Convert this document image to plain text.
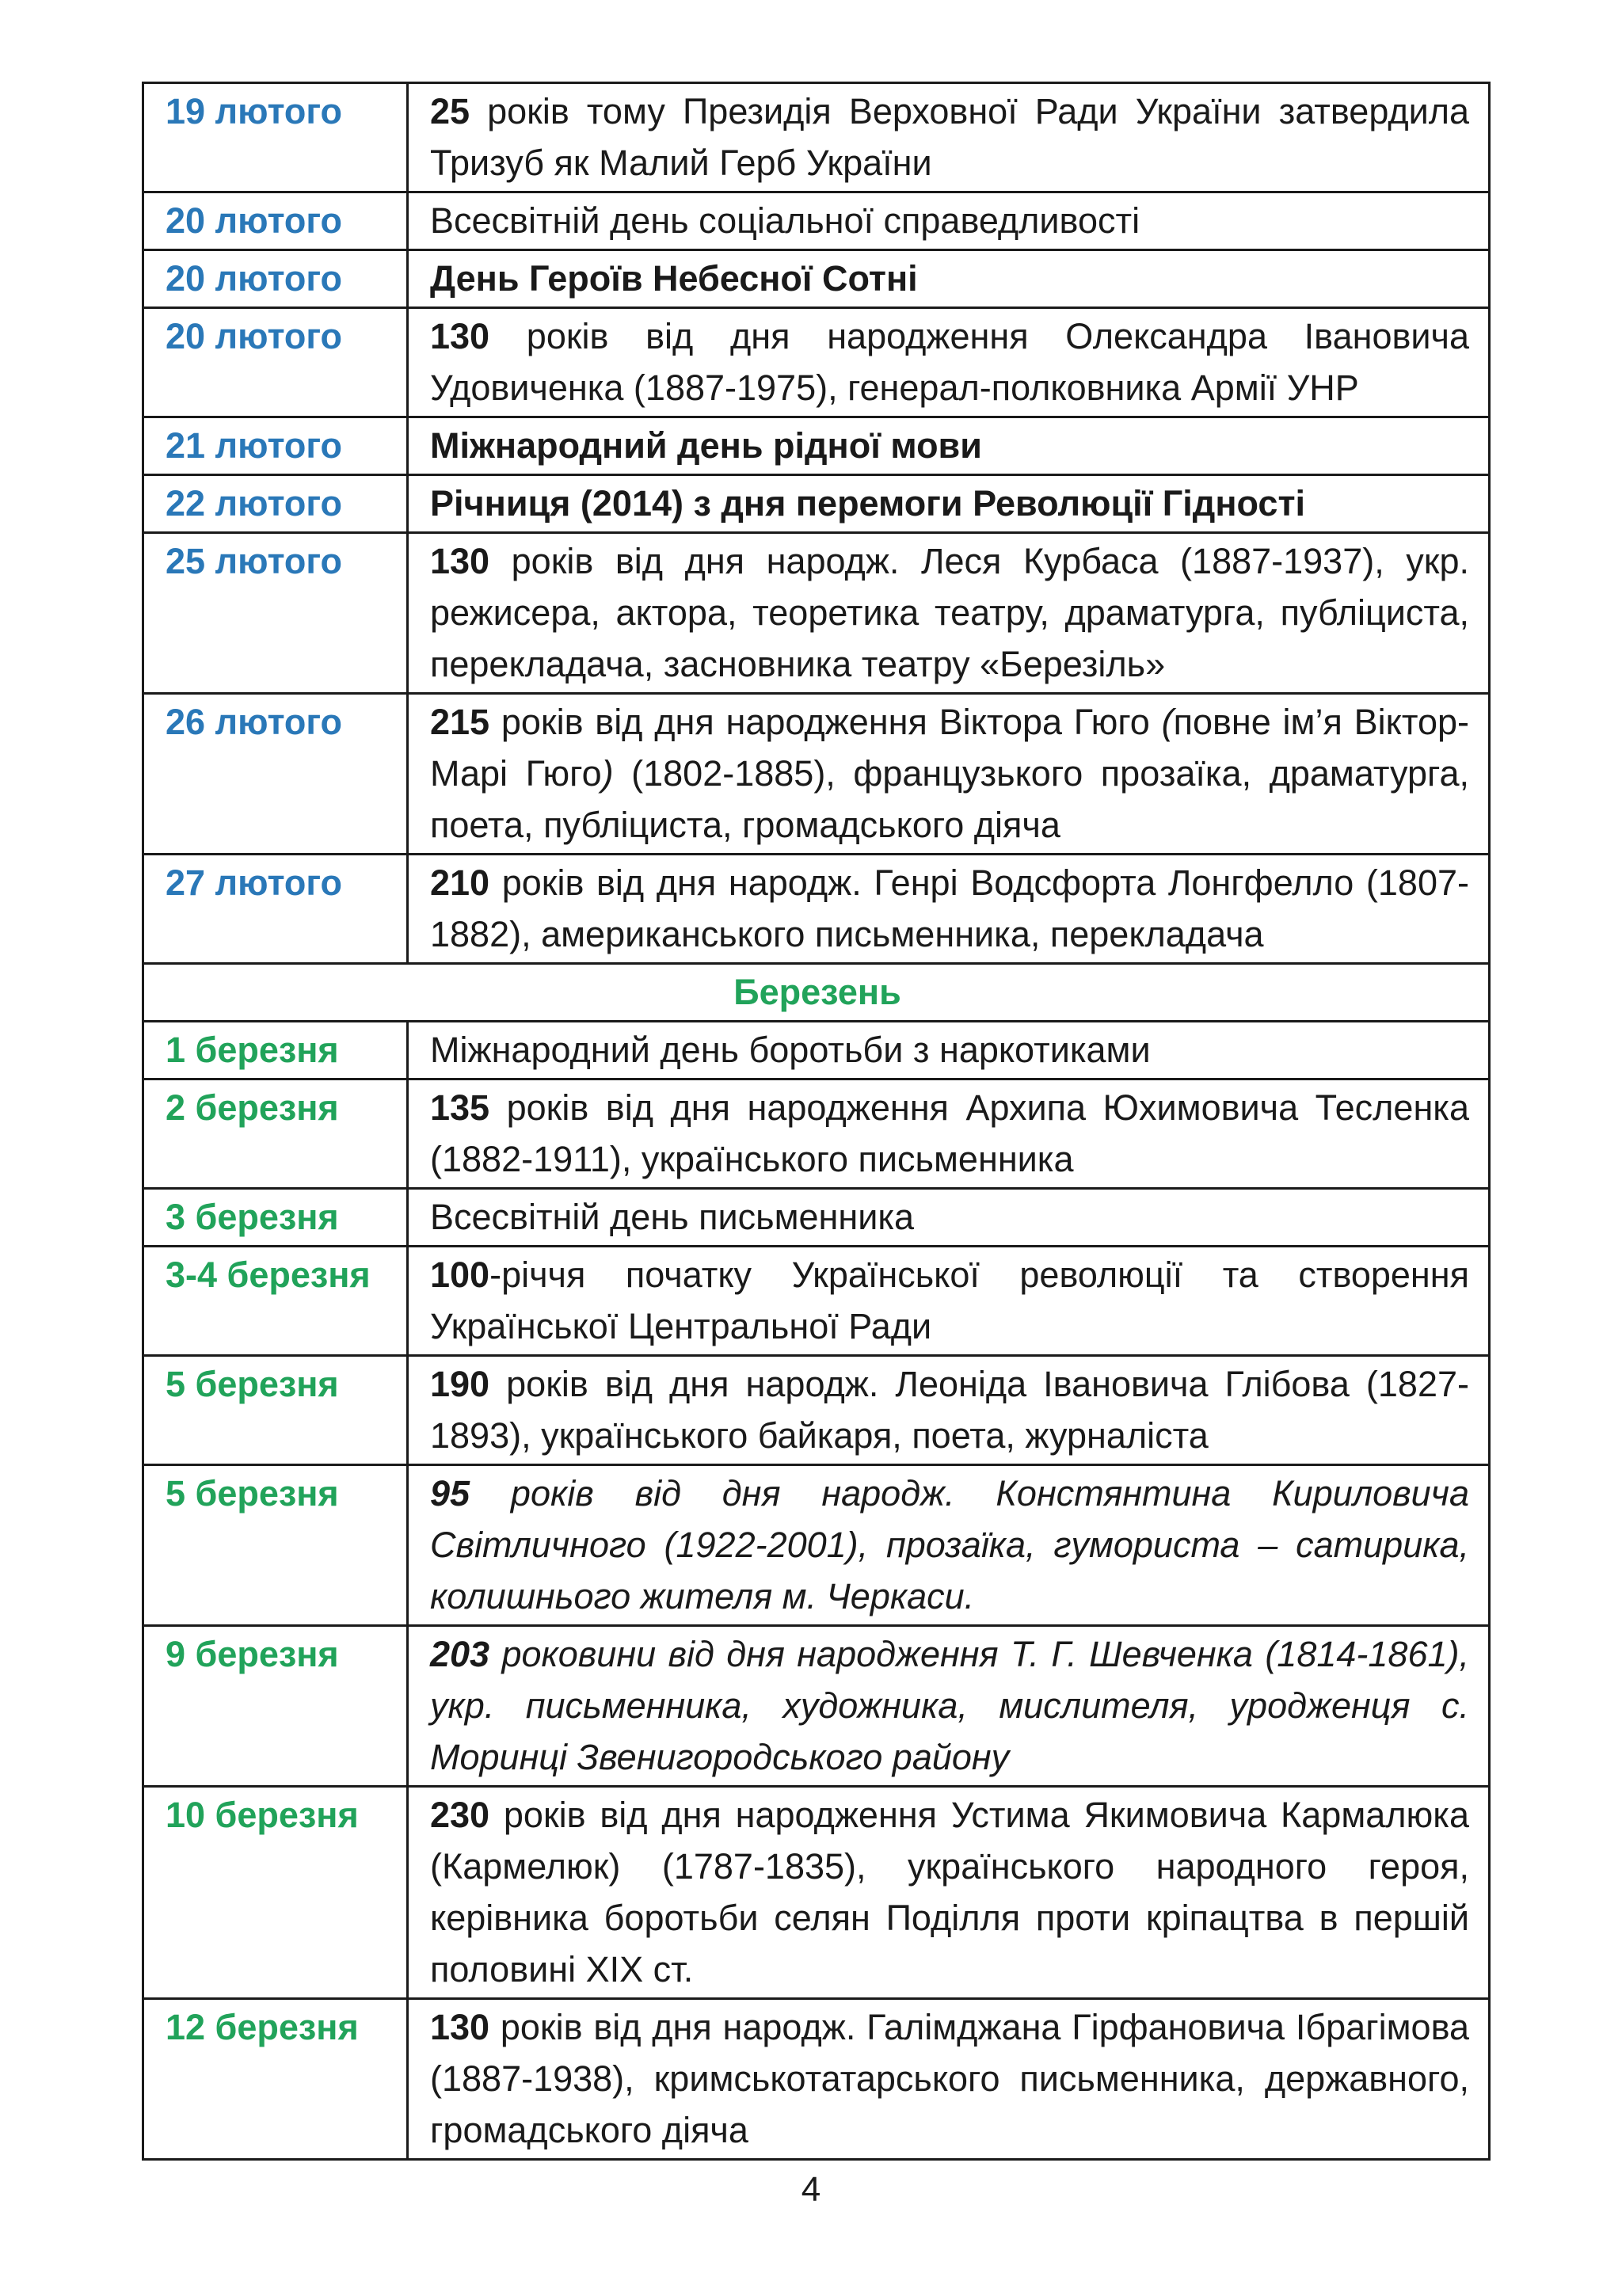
19 лютого	25 років тому Президія Верховної Ради України затвердила Тризуб як Малий Герб України
20 лютого	Всесвітній день соціальної справедливості
20 лютого	День Героїв Небесної Сотні
20 лютого	130 років від дня народження Олександра Івановича Удовиченка (1887-1975), генерал-полковника Армії УНР
21 лютого	Міжнародний день рідної мови
22 лютого	Річниця (2014) з дня перемоги Революції Гідності
25 лютого	130 років від дня народж. Леся Курбаса (1887-1937), укр. режисера, актора, теоретика театру, драматурга, публіциста, перекладача, засновника театру «Березіль»
26 лютого	215 років від дня народження Віктора Гюго (повне ім’я Віктор-Марі Гюго) (1802-1885), французького прозаїка, драматурга, поета, публіциста, громадського діяча
27 лютого	210 років від дня народж. Генрі Водсфорта Лонгфелло (1807-1882), американського письменника, перекладача
Березень	
1 березня	Міжнародний день боротьби з наркотиками
2 березня	135 років від дня народження Архипа Юхимовича Тесленка (1882-1911), українського письменника
3 березня	Всесвітній день письменника
3-4 березня	100-річчя початку Української революції та створення Української Центральної Ради
5 березня	190 років від дня народж. Леоніда Івановича Глібова (1827-1893), українського байкаря, поета, журналіста
5 березня	95 років від дня народж. Констянтина Кириловича Світличного (1922-2001), прозаїка, гумориста – сатирика, колишнього жителя м. Черкаси.
9 березня	203 роковини від дня народження Т. Г. Шевченка (1814-1861), укр. письменника, художника, мислителя, уродженця с. Моринці Звенигородського району
10 березня	230 років від дня народження Устима Якимовича Кармалюка (Кармелюк) (1787-1835), українського народного героя, керівника боротьби селян Поділля проти кріпацтва в першій половині XIX ст.
12 березня	130 років від дня народж. Галімджана Гірфановича Ібрагімова (1887-1938), кримськотатарського письменника, державного, громадського діяча
4
